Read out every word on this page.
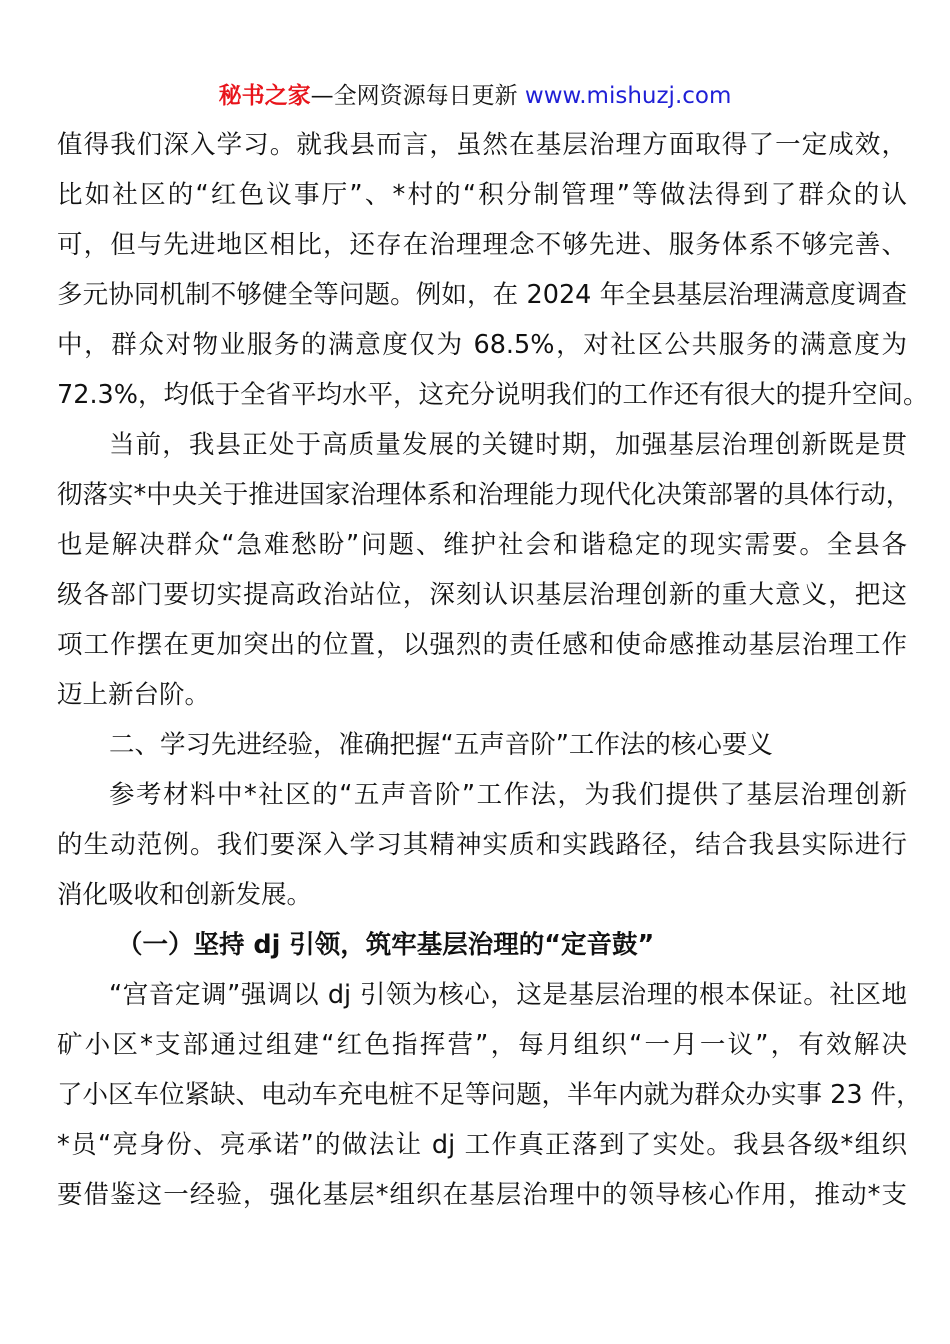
秘书之家—全网资源每日更新 www.mishuzj.com
值得我们深入学习。就我县而言，虽然在基层治理方面取得了一定成效，
比如社区的“红色议事厅”、*村的“积分制管理”等做法得到了群众的认
可，但与先进地区相比，还存在治理理念不够先进、服务体系不够完善、
多元协同机制不够健全等问题。例如，在 2024 年全县基层治理满意度调查
中，群众对物业服务的满意度仅为 68.5%，对社区公共服务的满意度为
72.3%，均低于全省平均水平，这充分说明我们的工作还有很大的提升空间。
当前，我县正处于高质量发展的关键时期，加强基层治理创新既是贯
彻落实*中央关于推进国家治理体系和治理能力现代化决策部署的具体行动，
也是解决群众“急难愁盼”问题、维护社会和谐稳定的现实需要。全县各
级各部门要切实提高政治站位，深刻认识基层治理创新的重大意义，把这
项工作摆在更加突出的位置，以强烈的责任感和使命感推动基层治理工作
迈上新台阶。
二、学习先进经验，准确把握“五声音阶”工作法的核心要义
参考材料中*社区的“五声音阶”工作法，为我们提供了基层治理创新
的生动范例。我们要深入学习其精神实质和实践路径，结合我县实际进行
消化吸收和创新发展。
（一）坚持 dj 引领，筑牢基层治理的“定音鼓”
“宫音定调”强调以 dj 引领为核心，这是基层治理的根本保证。社区地
矿小区*支部通过组建“红色指挥营”，每月组织“一月一议”，有效解决
了小区车位紧缺、电动车充电桩不足等问题，半年内就为群众办实事 23 件，
*员“亮身份、亮承诺”的做法让 dj 工作真正落到了实处。我县各级*组织
要借鉴这一经验，强化基层*组织在基层治理中的领导核心作用，推动*支
